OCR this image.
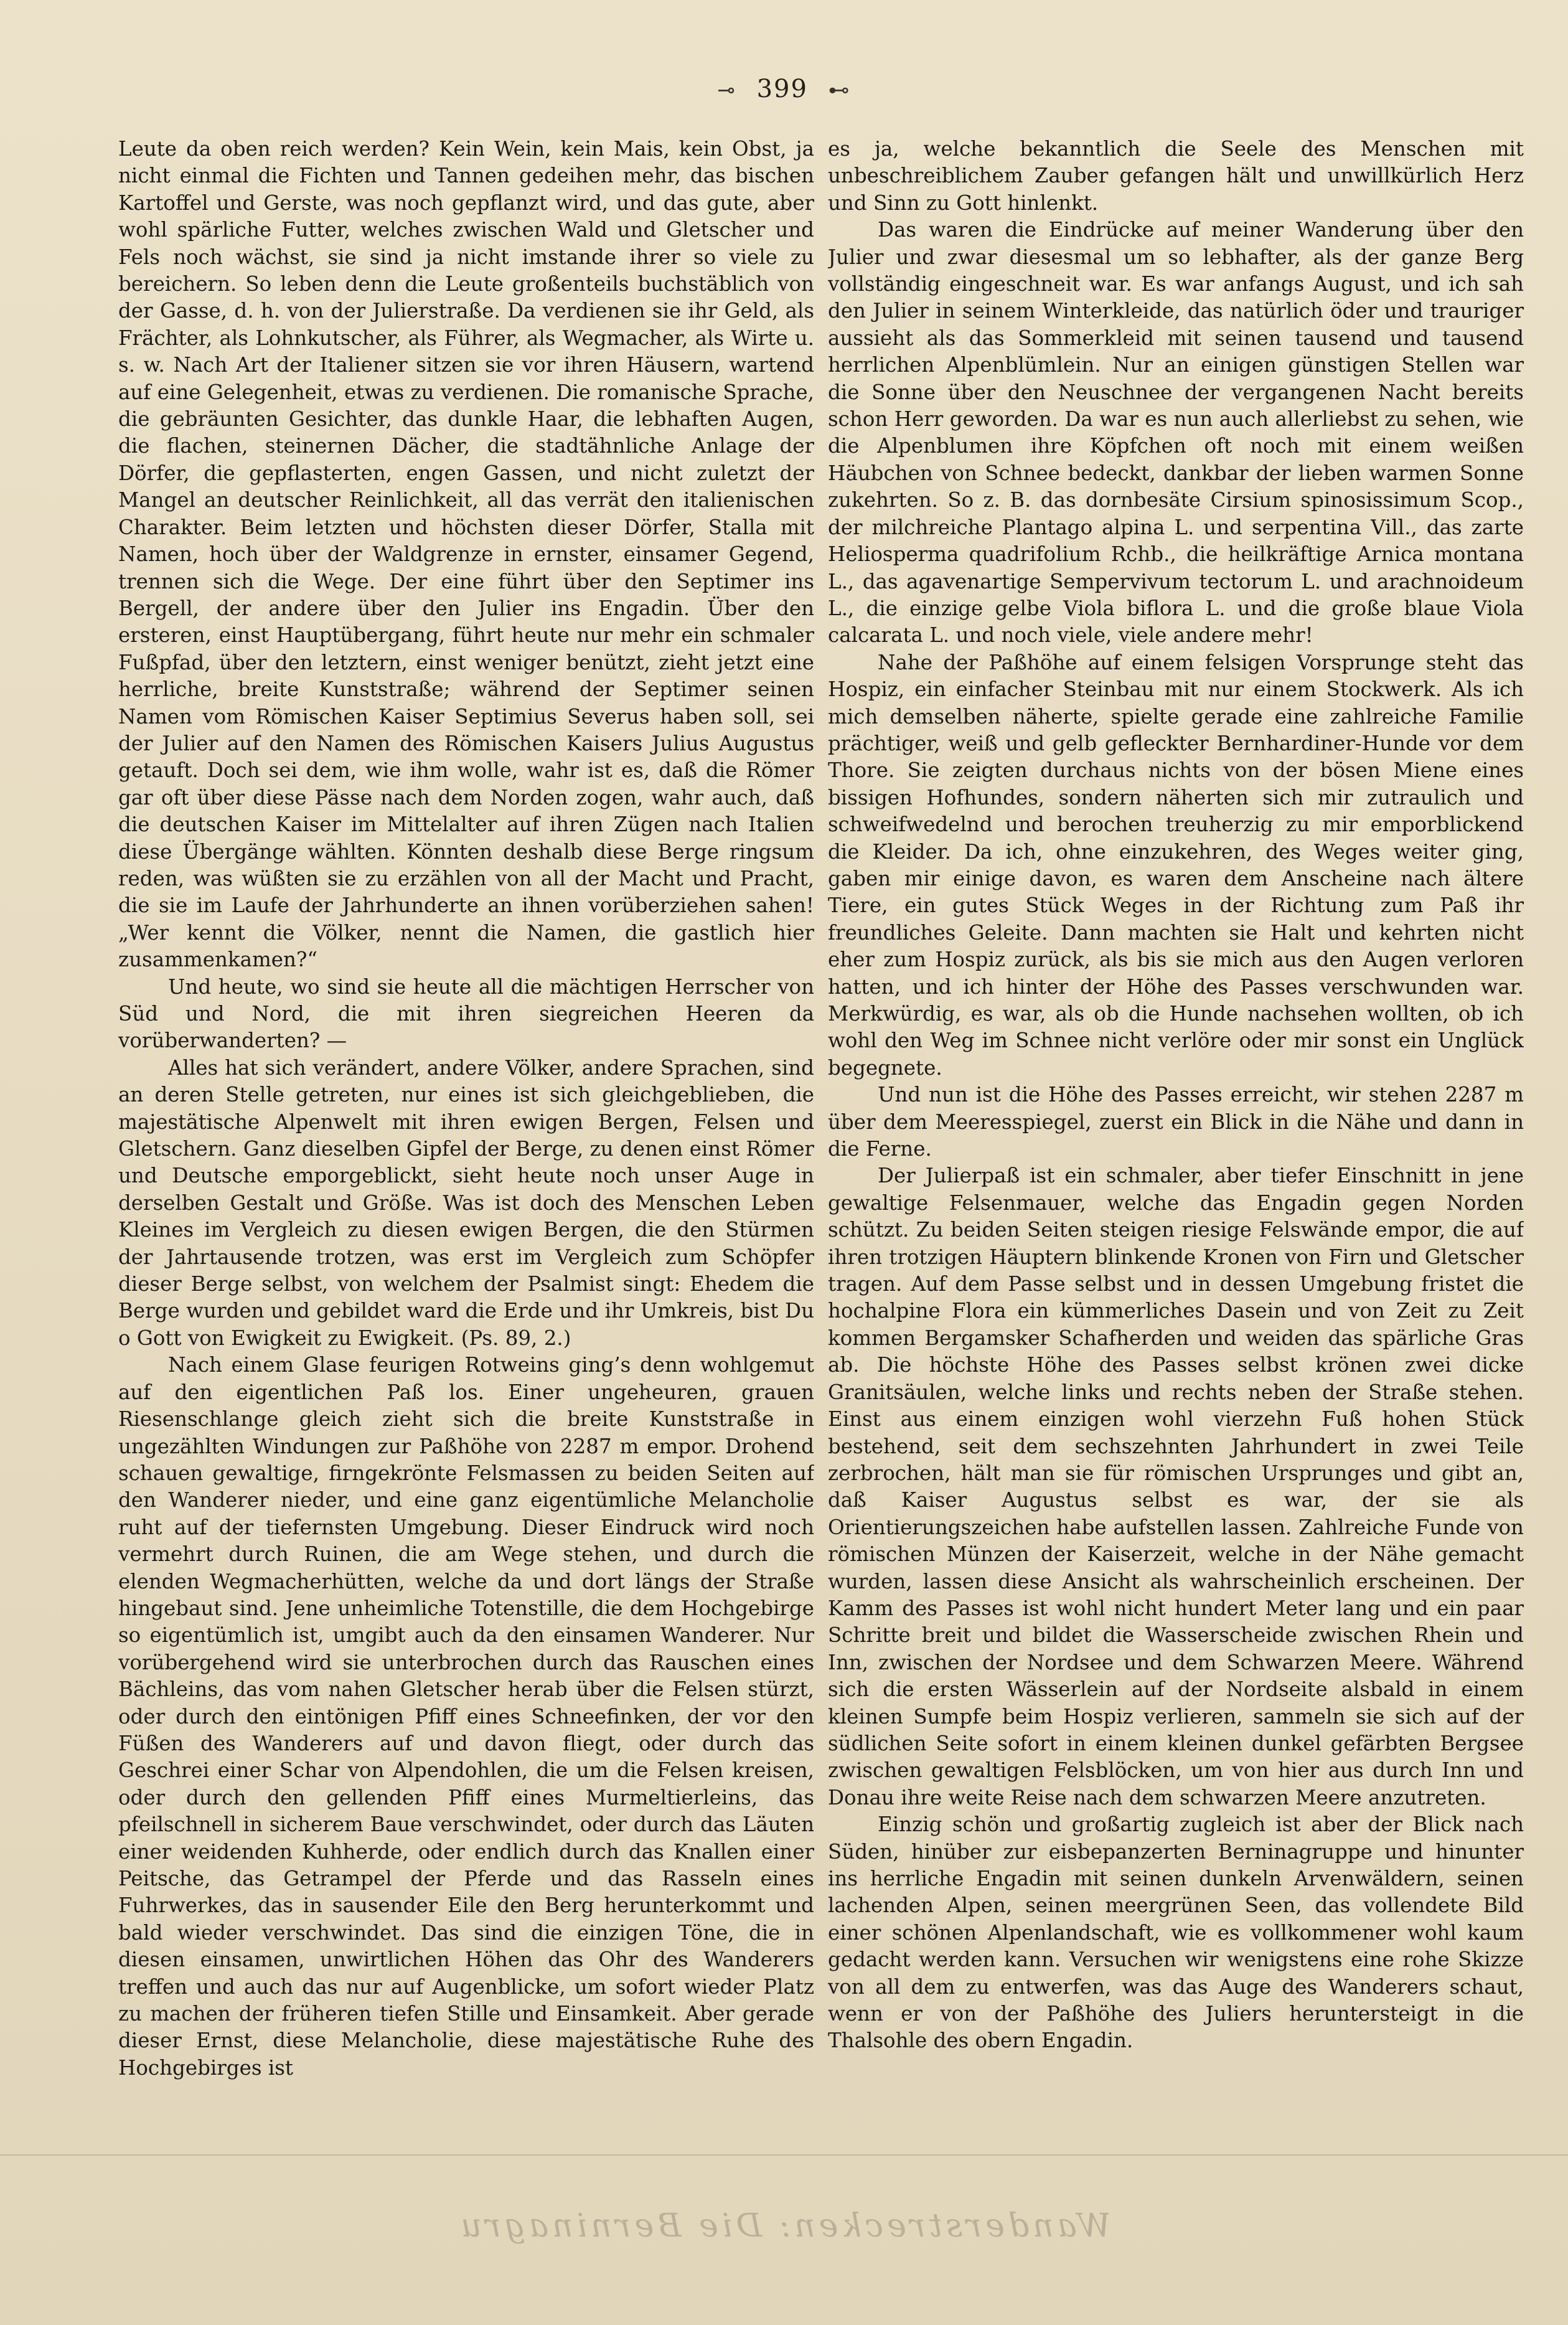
⊸ 399 ⊷

Leute da oben reich werden? Kein Wein, kein Mais, kein Obst, ja nicht einmal die Fichten und Tannen gedeihen mehr, das bischen Kartoffel und Gerste, was noch gepflanzt wird, und das gute, aber wohl spärliche Futter, welches zwischen Wald und Gletscher und Fels noch wächst, sie sind ja nicht imstande ihrer so viele zu bereichern. So leben denn die Leute großenteils buchstäblich von der Gasse, d. h. von der Julierstraße. Da verdienen sie ihr Geld, als Frächter, als Lohnkutscher, als Führer, als Wegmacher, als Wirte u. s. w. Nach Art der Italiener sitzen sie vor ihren Häusern, wartend auf eine Gelegenheit, etwas zu verdienen. Die romanische Sprache, die gebräunten Gesichter, das dunkle Haar, die lebhaften Augen, die flachen, steinernen Dächer, die stadtähnliche Anlage der Dörfer, die gepflasterten, engen Gassen, und nicht zuletzt der Mangel an deutscher Reinlichkeit, all das verrät den italienischen Charakter. Beim letzten und höchsten dieser Dörfer, Stalla mit Namen, hoch über der Waldgrenze in ernster, einsamer Gegend, trennen sich die Wege. Der eine führt über den Septimer ins Bergell, der andere über den Julier ins Engadin. Über den ersteren, einst Hauptübergang, führt heute nur mehr ein schmaler Fußpfad, über den letztern, einst weniger benützt, zieht jetzt eine herrliche, breite Kunststraße; während der Septimer seinen Namen vom Römischen Kaiser Septimius Severus haben soll, sei der Julier auf den Namen des Römischen Kaisers Julius Augustus getauft. Doch sei dem, wie ihm wolle, wahr ist es, daß die Römer gar oft über diese Pässe nach dem Norden zogen, wahr auch, daß die deutschen Kaiser im Mittelalter auf ihren Zügen nach Italien diese Übergänge wählten. Könnten deshalb diese Berge ringsum reden, was wüßten sie zu erzählen von all der Macht und Pracht, die sie im Laufe der Jahrhunderte an ihnen vorüberziehen sahen! „Wer kennt die Völker, nennt die Namen, die gastlich hier zusammenkamen?“

Und heute, wo sind sie heute all die mächtigen Herrscher von Süd und Nord, die mit ihren siegreichen Heeren da vorüberwanderten? —

Alles hat sich verändert, andere Völker, andere Sprachen, sind an deren Stelle getreten, nur eines ist sich gleichgeblieben, die majestätische Alpenwelt mit ihren ewigen Bergen, Felsen und Gletschern. Ganz dieselben Gipfel der Berge, zu denen einst Römer und Deutsche emporgeblickt, sieht heute noch unser Auge in derselben Gestalt und Größe. Was ist doch des Menschen Leben Kleines im Vergleich zu diesen ewigen Bergen, die den Stürmen der Jahrtausende trotzen, was erst im Vergleich zum Schöpfer dieser Berge selbst, von welchem der Psalmist singt: Ehedem die Berge wurden und gebildet ward die Erde und ihr Umkreis, bist Du o Gott von Ewigkeit zu Ewigkeit. (Ps. 89, 2.)

Nach einem Glase feurigen Rotweins ging’s denn wohlgemut auf den eigentlichen Paß los. Einer ungeheuren, grauen Riesenschlange gleich zieht sich die breite Kunststraße in ungezählten Windungen zur Paßhöhe von 2287 m empor. Drohend schauen gewaltige, firngekrönte Felsmassen zu beiden Seiten auf den Wanderer nieder, und eine ganz eigentümliche Melancholie ruht auf der tiefernsten Umgebung. Dieser Eindruck wird noch vermehrt durch Ruinen, die am Wege stehen, und durch die elenden Wegmacherhütten, welche da und dort längs der Straße hingebaut sind. Jene unheimliche Totenstille, die dem Hochgebirge so eigentümlich ist, umgibt auch da den einsamen Wanderer. Nur vorübergehend wird sie unterbrochen durch das Rauschen eines Bächleins, das vom nahen Gletscher herab über die Felsen stürzt, oder durch den eintönigen Pfiff eines Schneefinken, der vor den Füßen des Wanderers auf und davon fliegt, oder durch das Geschrei einer Schar von Alpendohlen, die um die Felsen kreisen, oder durch den gellenden Pfiff eines Murmeltierleins, das pfeilschnell in sicherem Baue verschwindet, oder durch das Läuten einer weidenden Kuhherde, oder endlich durch das Knallen einer Peitsche, das Getrampel der Pferde und das Rasseln eines Fuhrwerkes, das in sausender Eile den Berg herunterkommt und bald wieder verschwindet. Das sind die einzigen Töne, die in diesen einsamen, unwirtlichen Höhen das Ohr des Wanderers treffen und auch das nur auf Augenblicke, um sofort wieder Platz zu machen der früheren tiefen Stille und Einsamkeit. Aber gerade dieser Ernst, diese Melancholie, diese majestätische Ruhe des Hochgebirges ist

es ja, welche bekanntlich die Seele des Menschen mit unbeschreiblichem Zauber gefangen hält und unwillkürlich Herz und Sinn zu Gott hinlenkt.

Das waren die Eindrücke auf meiner Wanderung über den Julier und zwar diesesmal um so lebhafter, als der ganze Berg vollständig eingeschneit war. Es war anfangs August, und ich sah den Julier in seinem Winterkleide, das natürlich öder und trauriger aussieht als das Sommerkleid mit seinen tausend und tausend herrlichen Alpenblümlein. Nur an einigen günstigen Stellen war die Sonne über den Neuschnee der vergangenen Nacht bereits schon Herr geworden. Da war es nun auch allerliebst zu sehen, wie die Alpenblumen ihre Köpfchen oft noch mit einem weißen Häubchen von Schnee bedeckt, dankbar der lieben warmen Sonne zukehrten. So z. B. das dornbesäte Cirsium spinosissimum Scop., der milchreiche Plantago alpina L. und serpentina Vill., das zarte Heliosperma quadrifolium Rchb., die heilkräftige Arnica montana L., das agavenartige Sempervivum tectorum L. und arachnoideum L., die einzige gelbe Viola biflora L. und die große blaue Viola calcarata L. und noch viele, viele andere mehr!

Nahe der Paßhöhe auf einem felsigen Vorsprunge steht das Hospiz, ein einfacher Steinbau mit nur einem Stockwerk. Als ich mich demselben näherte, spielte gerade eine zahlreiche Familie prächtiger, weiß und gelb gefleckter Bernhardiner-Hunde vor dem Thore. Sie zeigten durchaus nichts von der bösen Miene eines bissigen Hofhundes, sondern näherten sich mir zutraulich und schweifwedelnd und berochen treuherzig zu mir emporblickend die Kleider. Da ich, ohne einzukehren, des Weges weiter ging, gaben mir einige davon, es waren dem Anscheine nach ältere Tiere, ein gutes Stück Weges in der Richtung zum Paß ihr freundliches Geleite. Dann machten sie Halt und kehrten nicht eher zum Hospiz zurück, als bis sie mich aus den Augen verloren hatten, und ich hinter der Höhe des Passes verschwunden war. Merkwürdig, es war, als ob die Hunde nachsehen wollten, ob ich wohl den Weg im Schnee nicht verlöre oder mir sonst ein Unglück begegnete.

Und nun ist die Höhe des Passes erreicht, wir stehen 2287 m über dem Meeresspiegel, zuerst ein Blick in die Nähe und dann in die Ferne.

Der Julierpaß ist ein schmaler, aber tiefer Einschnitt in jene gewaltige Felsenmauer, welche das Engadin gegen Norden schützt. Zu beiden Seiten steigen riesige Felswände empor, die auf ihren trotzigen Häuptern blinkende Kronen von Firn und Gletscher tragen. Auf dem Passe selbst und in dessen Umgebung fristet die hochalpine Flora ein kümmerliches Dasein und von Zeit zu Zeit kommen Bergamsker Schafherden und weiden das spärliche Gras ab. Die höchste Höhe des Passes selbst krönen zwei dicke Granitsäulen, welche links und rechts neben der Straße stehen. Einst aus einem einzigen wohl vierzehn Fuß hohen Stück bestehend, seit dem sechszehnten Jahrhundert in zwei Teile zerbrochen, hält man sie für römischen Ursprunges und gibt an, daß Kaiser Augustus selbst es war, der sie als Orientierungszeichen habe aufstellen lassen. Zahlreiche Funde von römischen Münzen der Kaiserzeit, welche in der Nähe gemacht wurden, lassen diese Ansicht als wahrscheinlich erscheinen. Der Kamm des Passes ist wohl nicht hundert Meter lang und ein paar Schritte breit und bildet die Wasserscheide zwischen Rhein und Inn, zwischen der Nordsee und dem Schwarzen Meere. Während sich die ersten Wässerlein auf der Nordseite alsbald in einem kleinen Sumpfe beim Hospiz verlieren, sammeln sie sich auf der südlichen Seite sofort in einem kleinen dunkel gefärbten Bergsee zwischen gewaltigen Felsblöcken, um von hier aus durch Inn und Donau ihre weite Reise nach dem schwarzen Meere anzutreten.

Einzig schön und großartig zugleich ist aber der Blick nach Süden, hinüber zur eisbepanzerten Berninagruppe und hinunter ins herrliche Engadin mit seinen dunkeln Arvenwäldern, seinen lachenden Alpen, seinen meergrünen Seen, das vollendete Bild einer schönen Alpenlandschaft, wie es vollkommener wohl kaum gedacht werden kann. Versuchen wir wenigstens eine rohe Skizze von all dem zu entwerfen, was das Auge des Wanderers schaut, wenn er von der Paßhöhe des Juliers heruntersteigt in die Thalsohle des obern Engadin.

Wanderstrecken: Die Berninagru
